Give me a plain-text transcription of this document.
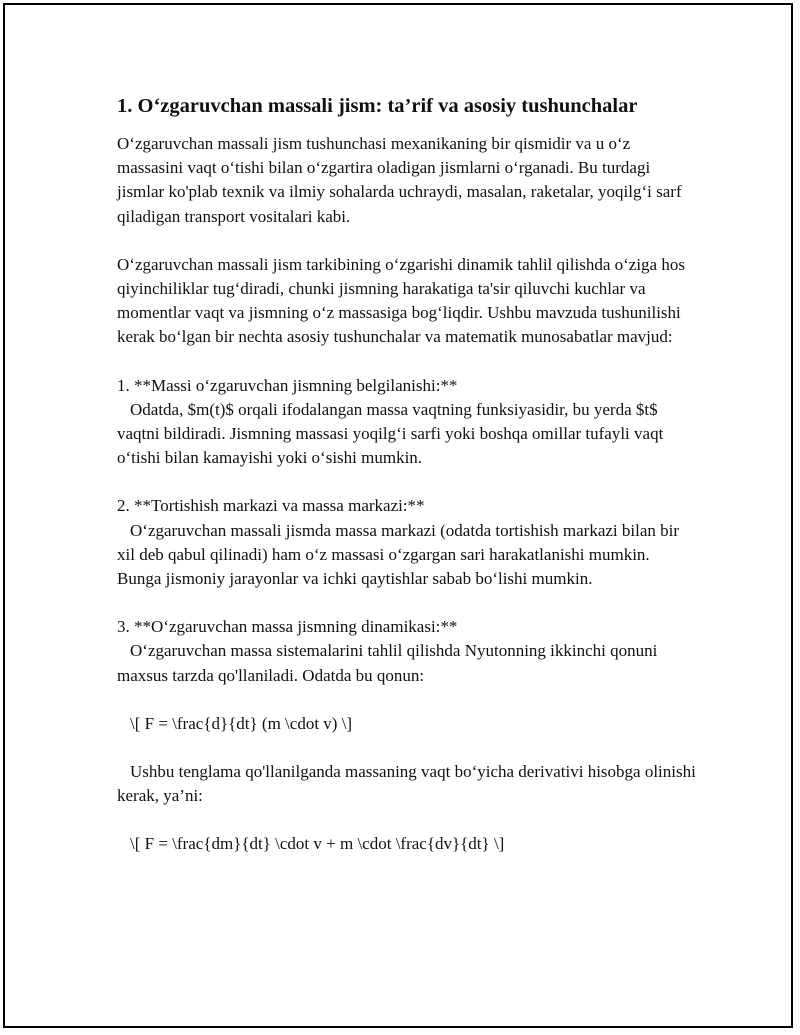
1. O‘zgaruvchan massali jism: ta’rif va asosiy tushunchalar

O‘zgaruvchan massali jism tushunchasi mexanikaning bir qismidir va u o‘z massasini vaqt o‘tishi bilan o‘zgartira oladigan jismlarni o‘rganadi. Bu turdagi jismlar ko'plab texnik va ilmiy sohalarda uchraydi, masalan, raketalar, yoqilg‘i sarf qiladigan transport vositalari kabi.

O‘zgaruvchan massali jism tarkibining o‘zgarishi dinamik tahlil qilishda o‘ziga hos qiyinchiliklar tug‘diradi, chunki jismning harakatiga ta'sir qiluvchi kuchlar va momentlar vaqt va jismning o‘z massasiga bog‘liqdir. Ushbu mavzuda tushunilishi kerak bo‘lgan bir nechta asosiy tushunchalar va matematik munosabatlar mavjud:

1. **Massi o‘zgaruvchan jismning belgilanishi:**

Odatda, $m(t)$ orqali ifodalangan massa vaqtning funksiyasidir, bu yerda $t$ vaqtni bildiradi. Jismning massasi yoqilg‘i sarfi yoki boshqa omillar tufayli vaqt o‘tishi bilan kamayishi yoki o‘sishi mumkin.

2. **Tortishish markazi va massa markazi:**

O‘zgaruvchan massali jismda massa markazi (odatda tortishish markazi bilan bir xil deb qabul qilinadi) ham o‘z massasi o‘zgargan sari harakatlanishi mumkin. Bunga jismoniy jarayonlar va ichki qaytishlar sabab bo‘lishi mumkin.

3. **O‘zgaruvchan massa jismning dinamikasi:**

O‘zgaruvchan massa sistemalarini tahlil qilishda Nyutonning ikkinchi qonuni maxsus tarzda qo'llaniladi. Odatda bu qonun:

\[ F = \frac{d}{dt} (m \cdot v) \]

Ushbu tenglama qo'llanilganda massaning vaqt bo‘yicha derivativi hisobga olinishi kerak, ya’ni:

\[ F = \frac{dm}{dt} \cdot v + m \cdot \frac{dv}{dt} \]
